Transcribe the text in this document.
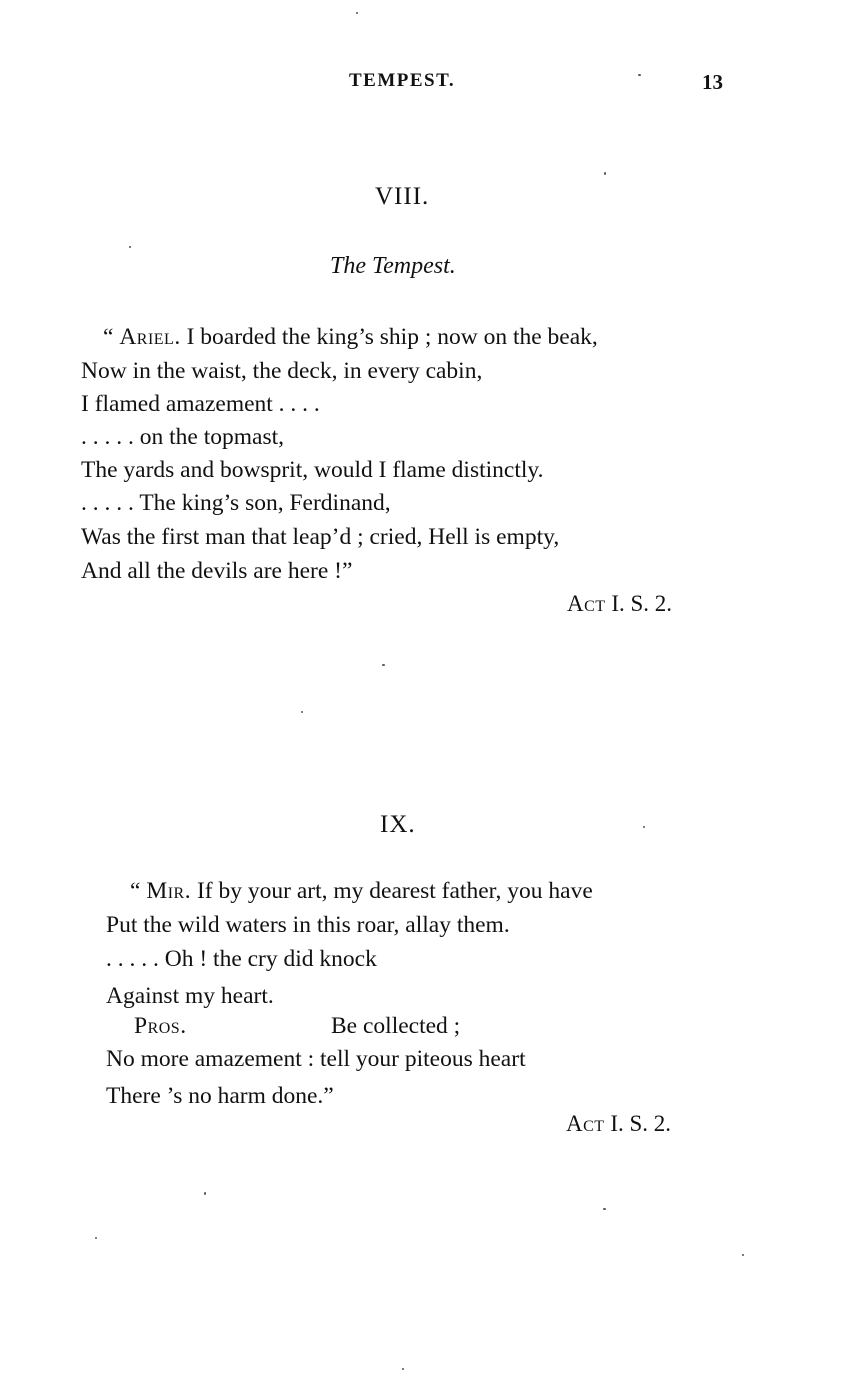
TEMPEST.	13
VIII.
The Tempest.
“ Ariel. I boarded the king’s ship ; now on the beak,
Now in the waist, the deck, in every cabin,
I flamed amazement . . . .
. . . . . on the topmast,
The yards and bowsprit, would I flame distinctly.
. . . . . The king’s son, Ferdinand,
Was the first man that leap’d ; cried, Hell is empty,
And all the devils are here !”
Act I. S. 2.
IX.
“ Mir. If by your art, my dearest father, you have
Put the wild waters in this roar, allay them.
. . . . . Oh ! the cry did knock
Against my heart.
Pros.	Be collected ;
No more amazement : tell your piteous heart
There ’s no harm done.”
Act I. S. 2.
